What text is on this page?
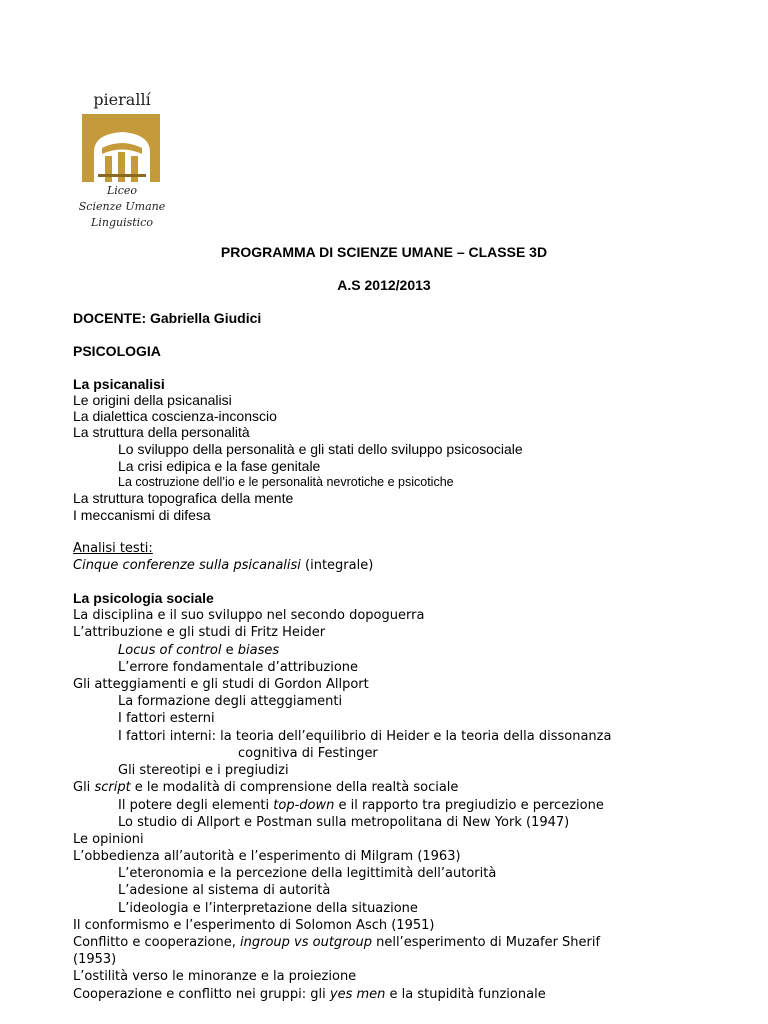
pierallí
Liceo
Scienze Umane
Linguistico
PROGRAMMA DI SCIENZE UMANE – CLASSE 3D
A.S 2012/2013
DOCENTE: Gabriella Giudici
PSICOLOGIA
La psicanalisi
Le origini della psicanalisi
La dialettica coscienza-inconscio
La struttura della personalità
Lo sviluppo della personalità e gli stati dello sviluppo psicosociale
La crisi edipica e la fase genitale
La costruzione dell’io e le personalità nevrotiche e psicotiche
La struttura topografica della mente
I meccanismi di difesa
Analisi testi:
Cinque conferenze sulla psicanalisi (integrale)
La psicologia sociale
La disciplina e il suo sviluppo nel secondo dopoguerra
L’attribuzione e gli studi di Fritz Heider
Locus of control e biases
L’errore fondamentale d’attribuzione
Gli atteggiamenti e gli studi di Gordon Allport
La formazione degli atteggiamenti
I fattori esterni
I fattori interni: la teoria dell’equilibrio di Heider e la teoria della dissonanza
cognitiva di Festinger
Gli stereotipi e i pregiudizi
Gli script e le modalità di comprensione della realtà sociale
Il potere degli elementi top-down e il rapporto tra pregiudizio e percezione
Lo studio di Allport e Postman sulla metropolitana di New York (1947)
Le opinioni
L’obbedienza all’autorità e l’esperimento di Milgram (1963)
L’eteronomia e la percezione della legittimità dell’autorità
L’adesione al sistema di autorità
L’ideologia e l’interpretazione della situazione
Il conformismo e l’esperimento di Solomon Asch (1951)
Conflitto e cooperazione, ingroup vs outgroup nell’esperimento di Muzafer Sherif
(1953)
L’ostilità verso le minoranze e la proiezione
Cooperazione e conflitto nei gruppi: gli yes men e la stupidità funzionale
